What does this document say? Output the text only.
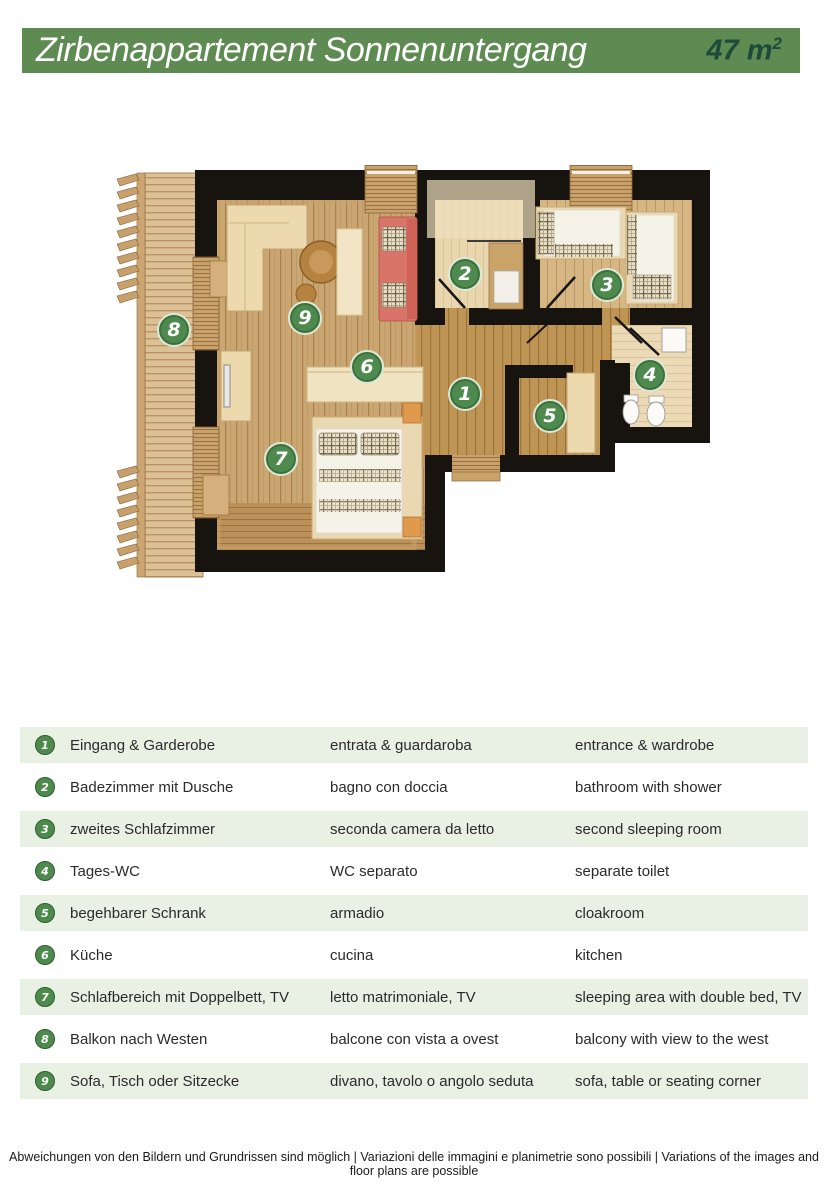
Zirbenappartement Sonnenuntergang	47 $m^2$
1
2	3
4
5
6
7
8
9
1	Eingang & Garderobe	entrata & guardaroba	entrance & wardrobe
2	Badezimmer mit Dusche	bagno con doccia	bathroom with shower
3	zweites Schlafzimmer	seconda camera da letto	second sleeping room
4	Tages-WC	WC separato	separate toilet
5	begehbarer Schrank	armadio	cloakroom
6	Küche	cucina	kitchen
7	Schlafbereich mit Doppelbett, TV	letto matrimoniale, TV	sleeping area with double bed, TV
8	Balkon nach Westen	balcone con vista a ovest	balcony with view to the west
9	Sofa, Tisch oder Sitzecke	divano, tavolo o angolo seduta	sofa, table or seating corner
Abweichungen von den Bildern und Grundrissen sind möglich | Variazioni delle immagini e planimetrie sono possibili | Variations of the images and floor plans are possible
